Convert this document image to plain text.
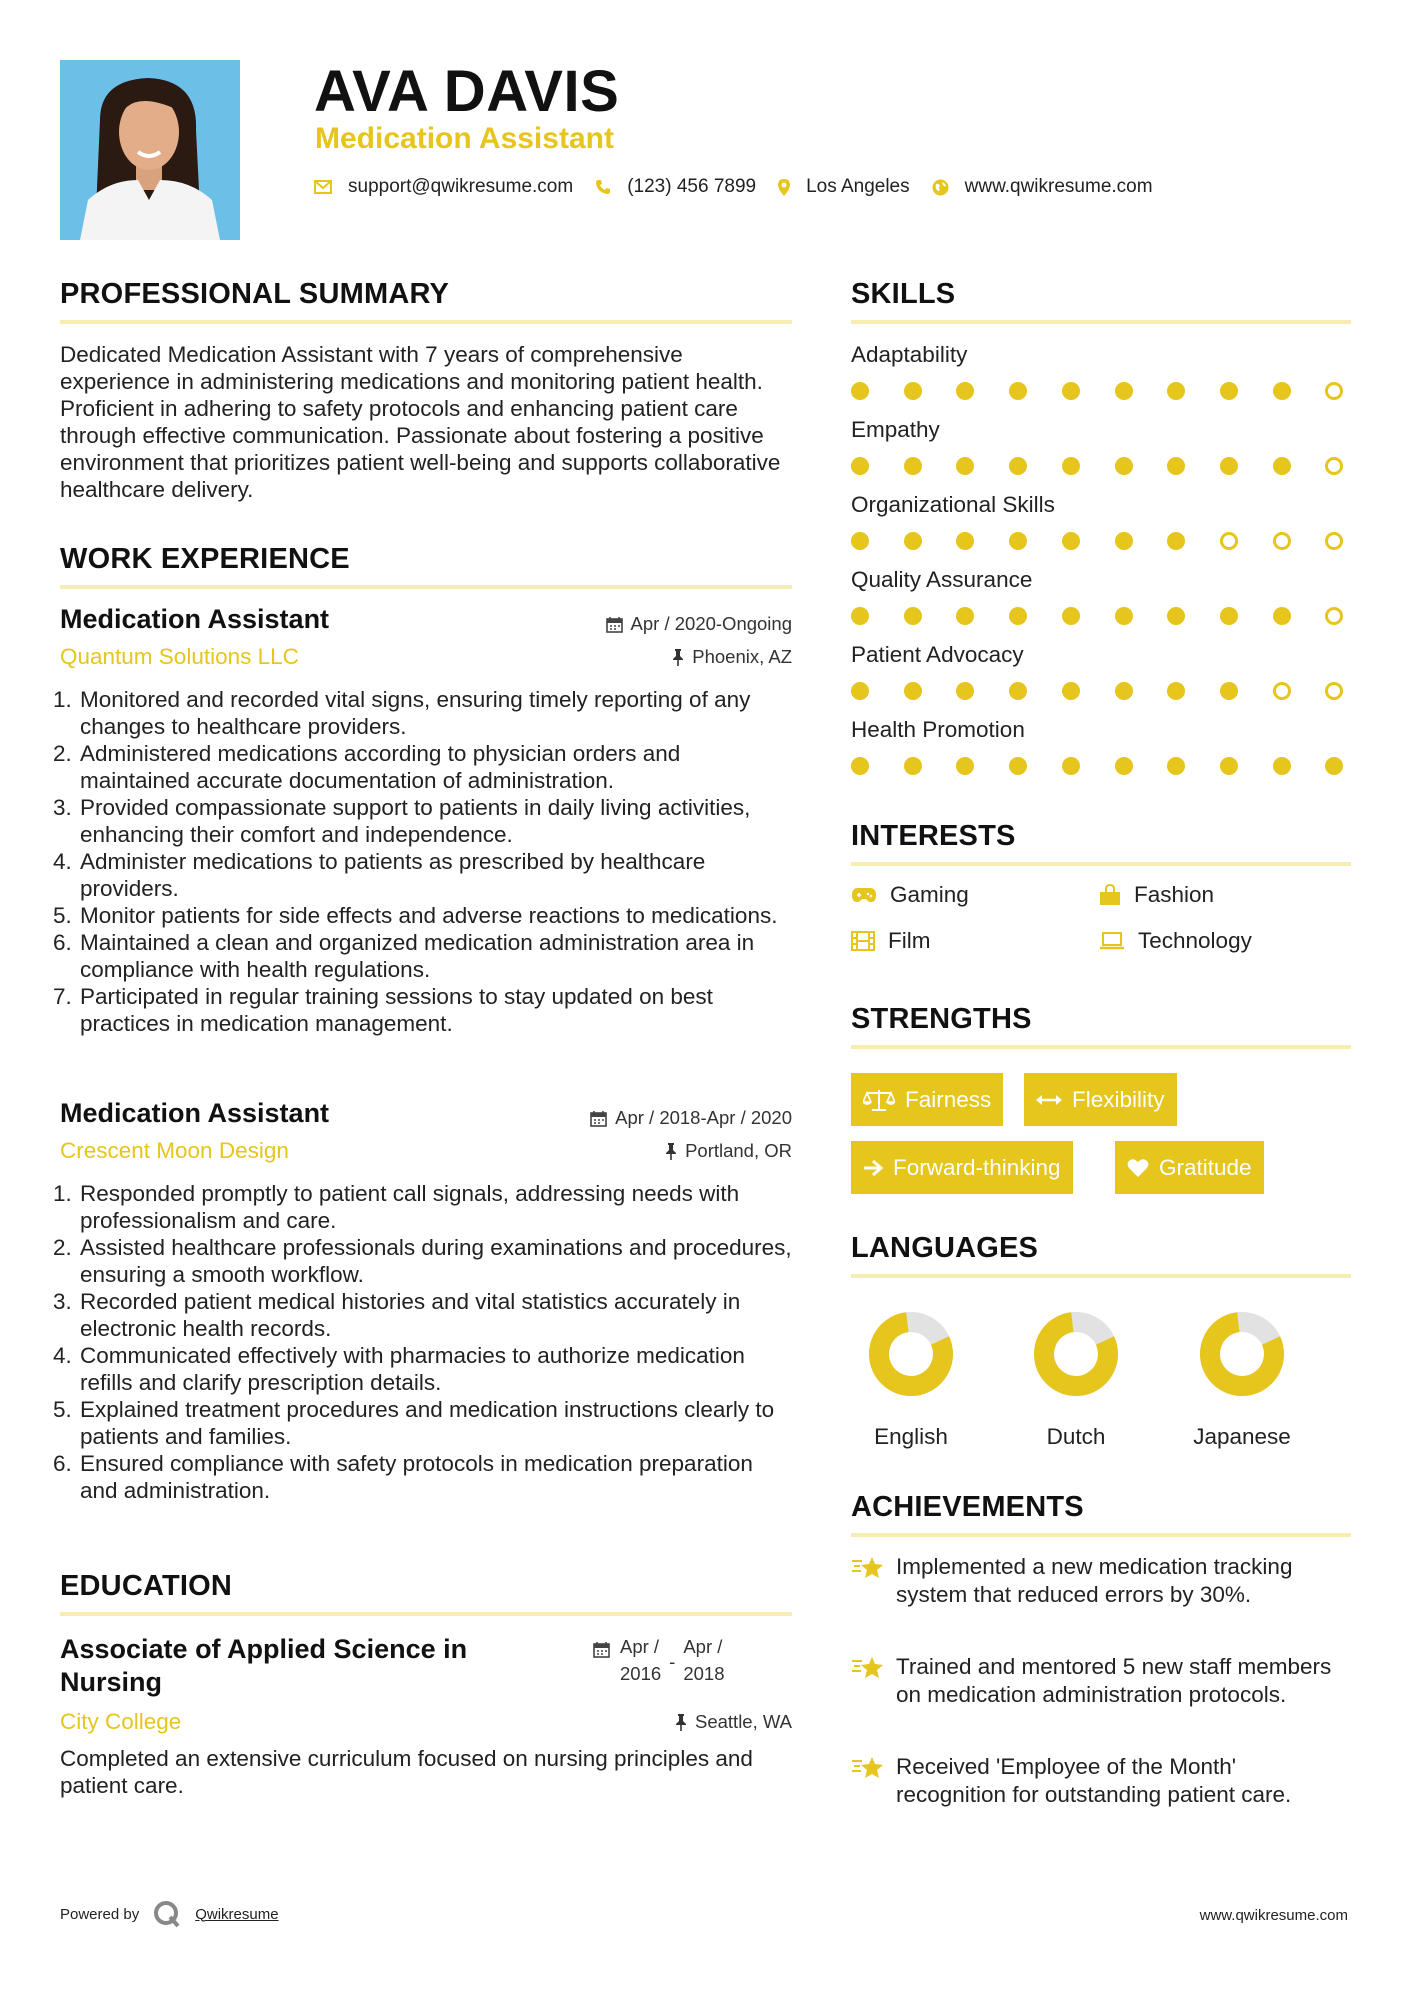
AVA DAVIS
Medication Assistant
support@qwikresume.com	(123) 456 7899	Los Angeles	www.qwikresume.com
PROFESSIONAL SUMMARY

Dedicated Medication Assistant with 7 years of comprehensive experience in administering medications and monitoring patient health. Proficient in adhering to safety protocols and enhancing patient care through effective communication. Passionate about fostering a positive environment that prioritizes patient well-being and supports collaborative healthcare delivery.

WORK EXPERIENCE
Medication Assistant	Apr / 2020-Ongoing

Quantum Solutions LLC	Phoenix, AZ
1. Monitored and recorded vital signs, ensuring timely reporting of any changes to healthcare providers.
2. Administered medications according to physician orders and maintained accurate documentation of administration.
3. Provided compassionate support to patients in daily living activities, enhancing their comfort and independence.
4. Administer medications to patients as prescribed by healthcare providers.
5. Monitor patients for side effects and adverse reactions to medications.
6. Maintained a clean and organized medication administration area in compliance with health regulations.
7. Participated in regular training sessions to stay updated on best practices in medication management.
Medication Assistant	Apr / 2018-Apr / 2020

Crescent Moon Design	Portland, OR
1. Responded promptly to patient call signals, addressing needs with professionalism and care.
2. Assisted healthcare professionals during examinations and procedures, ensuring a smooth workflow.
3. Recorded patient medical histories and vital statistics accurately in electronic health records.
4. Communicated effectively with pharmacies to authorize medication refills and clarify prescription details.
5. Explained treatment procedures and medication instructions clearly to patients and families.
6. Ensured compliance with safety protocols in medication preparation and administration.
EDUCATION
Associate of Applied Science in Nursing
Apr /
2016
-
Apr /
2018

City College	Seattle, WA

Completed an extensive curriculum focused on nursing principles and patient care.

SKILLS

Adaptability

Empathy

Organizational Skills

Quality Assurance

Patient Advocacy

Health Promotion

INTERESTS
Gaming	Fashion
Film	Technology
STRENGTHS
Fairness	Flexibility
Forward-thinking	Gratitude
LANGUAGES
English	Dutch	Japanese
ACHIEVEMENTS

Implemented a new medication tracking system that reduced errors by 30%.

Trained and mentored 5 new staff members on medication administration protocols.

Received 'Employee of the Month' recognition for outstanding patient care.

Powered by	Qwikresume	www.qwikresume.com
